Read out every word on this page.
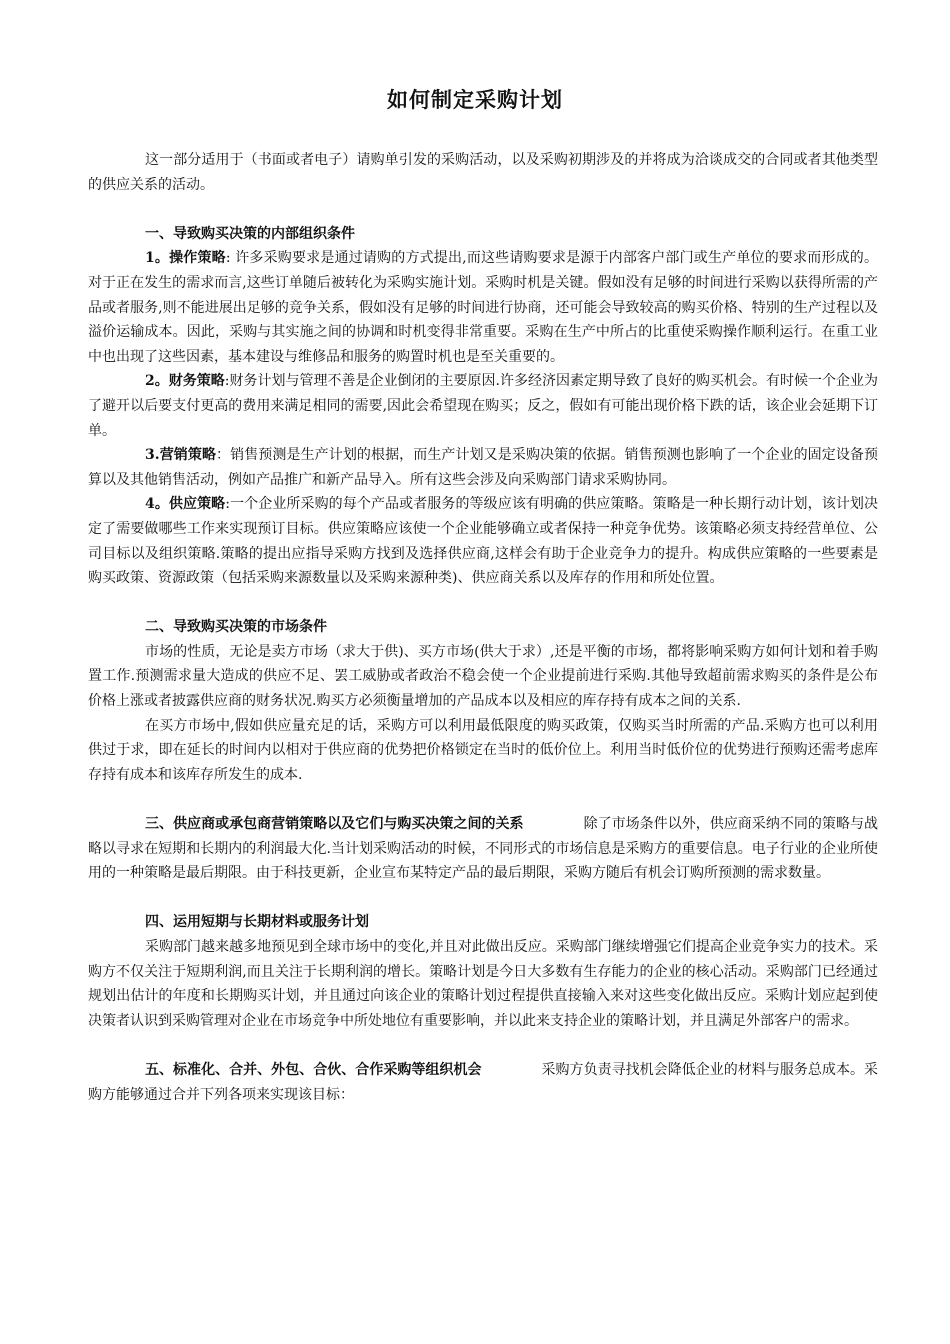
如何制定采购计划

这一部分适用于（书面或者电子）请购单引发的采购活动，以及采购初期涉及的并将成为洽谈成交的合同或者其他类型的供应关系的活动。

一、导致购买决策的内部组织条件

1。操作策略: 许多采购要求是通过请购的方式提出,而这些请购要求是源于内部客户部门或生产单位的要求而形成的。对于正在发生的需求而言,这些订单随后被转化为采购实施计划。采购时机是关键。假如没有足够的时间进行采购以获得所需的产品或者服务,则不能进展出足够的竞争关系，假如没有足够的时间进行协商，还可能会导致较高的购买价格、特别的生产过程以及溢价运输成本。因此，采购与其实施之间的协调和时机变得非常重要。采购在生产中所占的比重使采购操作顺利运行。在重工业中也出现了这些因素，基本建设与维修品和服务的购置时机也是至关重要的。

2。财务策略:财务计划与管理不善是企业倒闭的主要原因.许多经济因素定期导致了良好的购买机会。有时候一个企业为了避开以后要支付更高的费用来满足相同的需要,因此会希望现在购买；反之，假如有可能出现价格下跌的话，该企业会延期下订单。

3.营销策略：销售预测是生产计划的根据，而生产计划又是采购决策的依据。销售预测也影响了一个企业的固定设备预算以及其他销售活动，例如产品推广和新产品导入。所有这些会涉及向采购部门请求采购协同。

4。供应策略:一个企业所采购的每个产品或者服务的等级应该有明确的供应策略。策略是一种长期行动计划，该计划决定了需要做哪些工作来实现预订目标。供应策略应该使一个企业能够确立或者保持一种竞争优势。该策略必须支持经营单位、公司目标以及组织策略.策略的提出应指导采购方找到及选择供应商,这样会有助于企业竞争力的提升。构成供应策略的一些要素是购买政策、资源政策（包括采购来源数量以及采购来源种类)、供应商关系以及库存的作用和所处位置。

二、导致购买决策的市场条件

市场的性质，无论是卖方市场（求大于供)、买方市场(供大于求）,还是平衡的市场，都将影响采购方如何计划和着手购置工作.预测需求量大造成的供应不足、罢工威胁或者政治不稳会使一个企业提前进行采购.其他导致超前需求购买的条件是公布价格上涨或者披露供应商的财务状况.购买方必须衡量增加的产品成本以及相应的库存持有成本之间的关系.

在买方市场中,假如供应量充足的话，采购方可以利用最低限度的购买政策，仅购买当时所需的产品.采购方也可以利用供过于求，即在延长的时间内以相对于供应商的优势把价格锁定在当时的低价位上。利用当时低价位的优势进行预购还需考虑库存持有成本和该库存所发生的成本.

三、供应商或承包商营销策略以及它们与购买决策之间的关系	除了市场条件以外，供应商采纳不同的策略与战略以寻求在短期和长期内的利润最大化.当计划采购活动的时候，不同形式的市场信息是采购方的重要信息。电子行业的企业所使用的一种策略是最后期限。由于科技更新，企业宣布某特定产品的最后期限，采购方随后有机会订购所预测的需求数量。

四、运用短期与长期材料或服务计划

采购部门越来越多地预见到全球市场中的变化,并且对此做出反应。采购部门继续增强它们提高企业竞争实力的技术。采购方不仅关注于短期利润,而且关注于长期利润的增长。策略计划是今日大多数有生存能力的企业的核心活动。采购部门已经通过规划出估计的年度和长期购买计划，并且通过向该企业的策略计划过程提供直接输入来对这些变化做出反应。采购计划应起到使决策者认识到采购管理对企业在市场竞争中所处地位有重要影响，并以此来支持企业的策略计划，并且满足外部客户的需求。

五、标准化、合并、外包、合伙、合作采购等组织机会	采购方负责寻找机会降低企业的材料与服务总成本。采购方能够通过合并下列各项来实现该目标：
